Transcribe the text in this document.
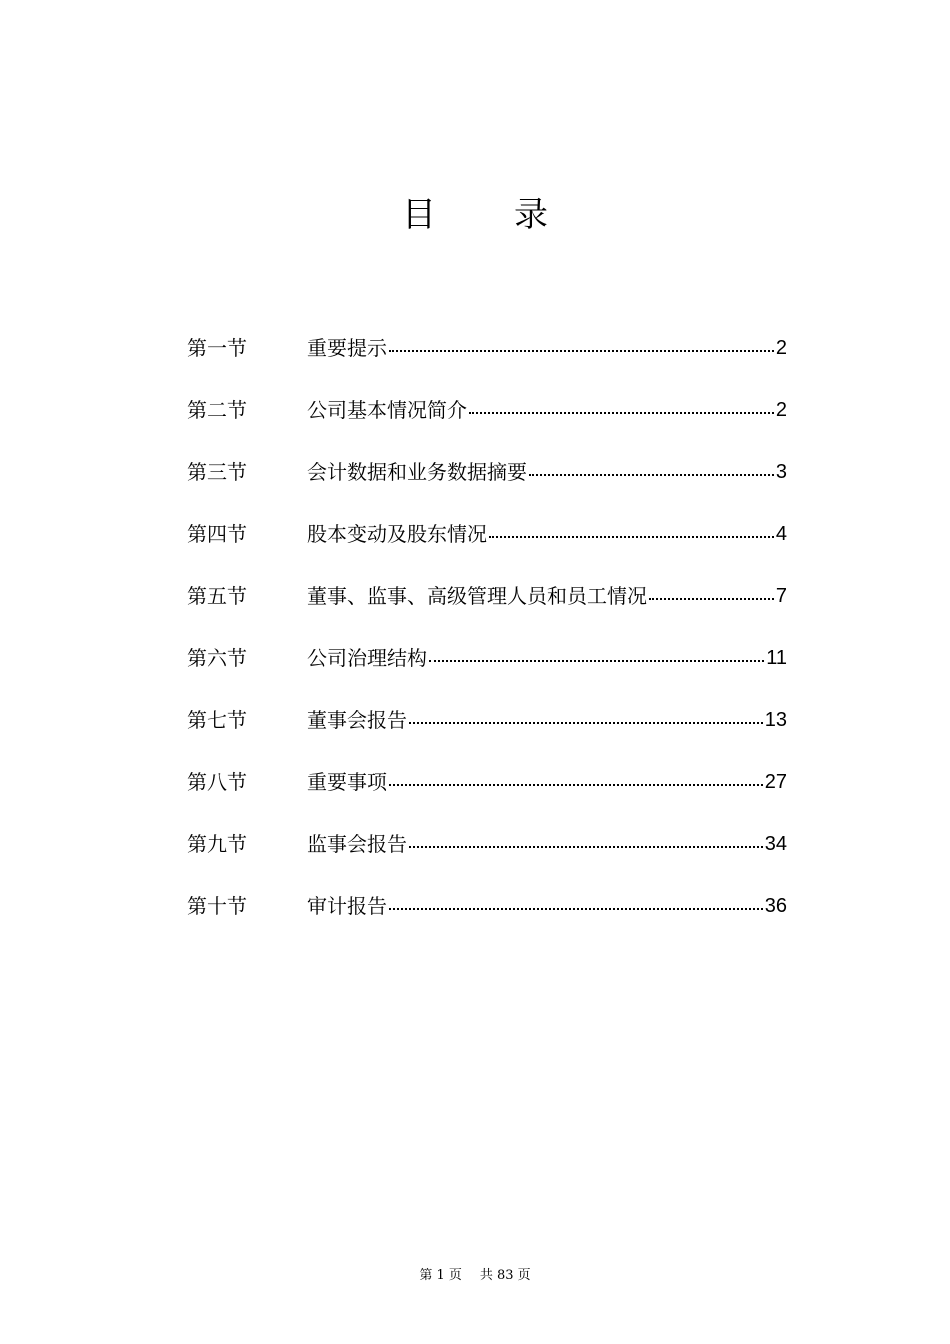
目 录
第一节	重要提示	2
第二节	公司基本情况简介	2
第三节	会计数据和业务数据摘要	3
第四节	股本变动及股东情况	4
第五节	董事、监事、高级管理人员和员工情况	7
第六节	公司治理结构	11
第七节	董事会报告	13
第八节	重要事项	27
第九节	监事会报告	34
第十节	审计报告	36
第 1 页 共 83 页
